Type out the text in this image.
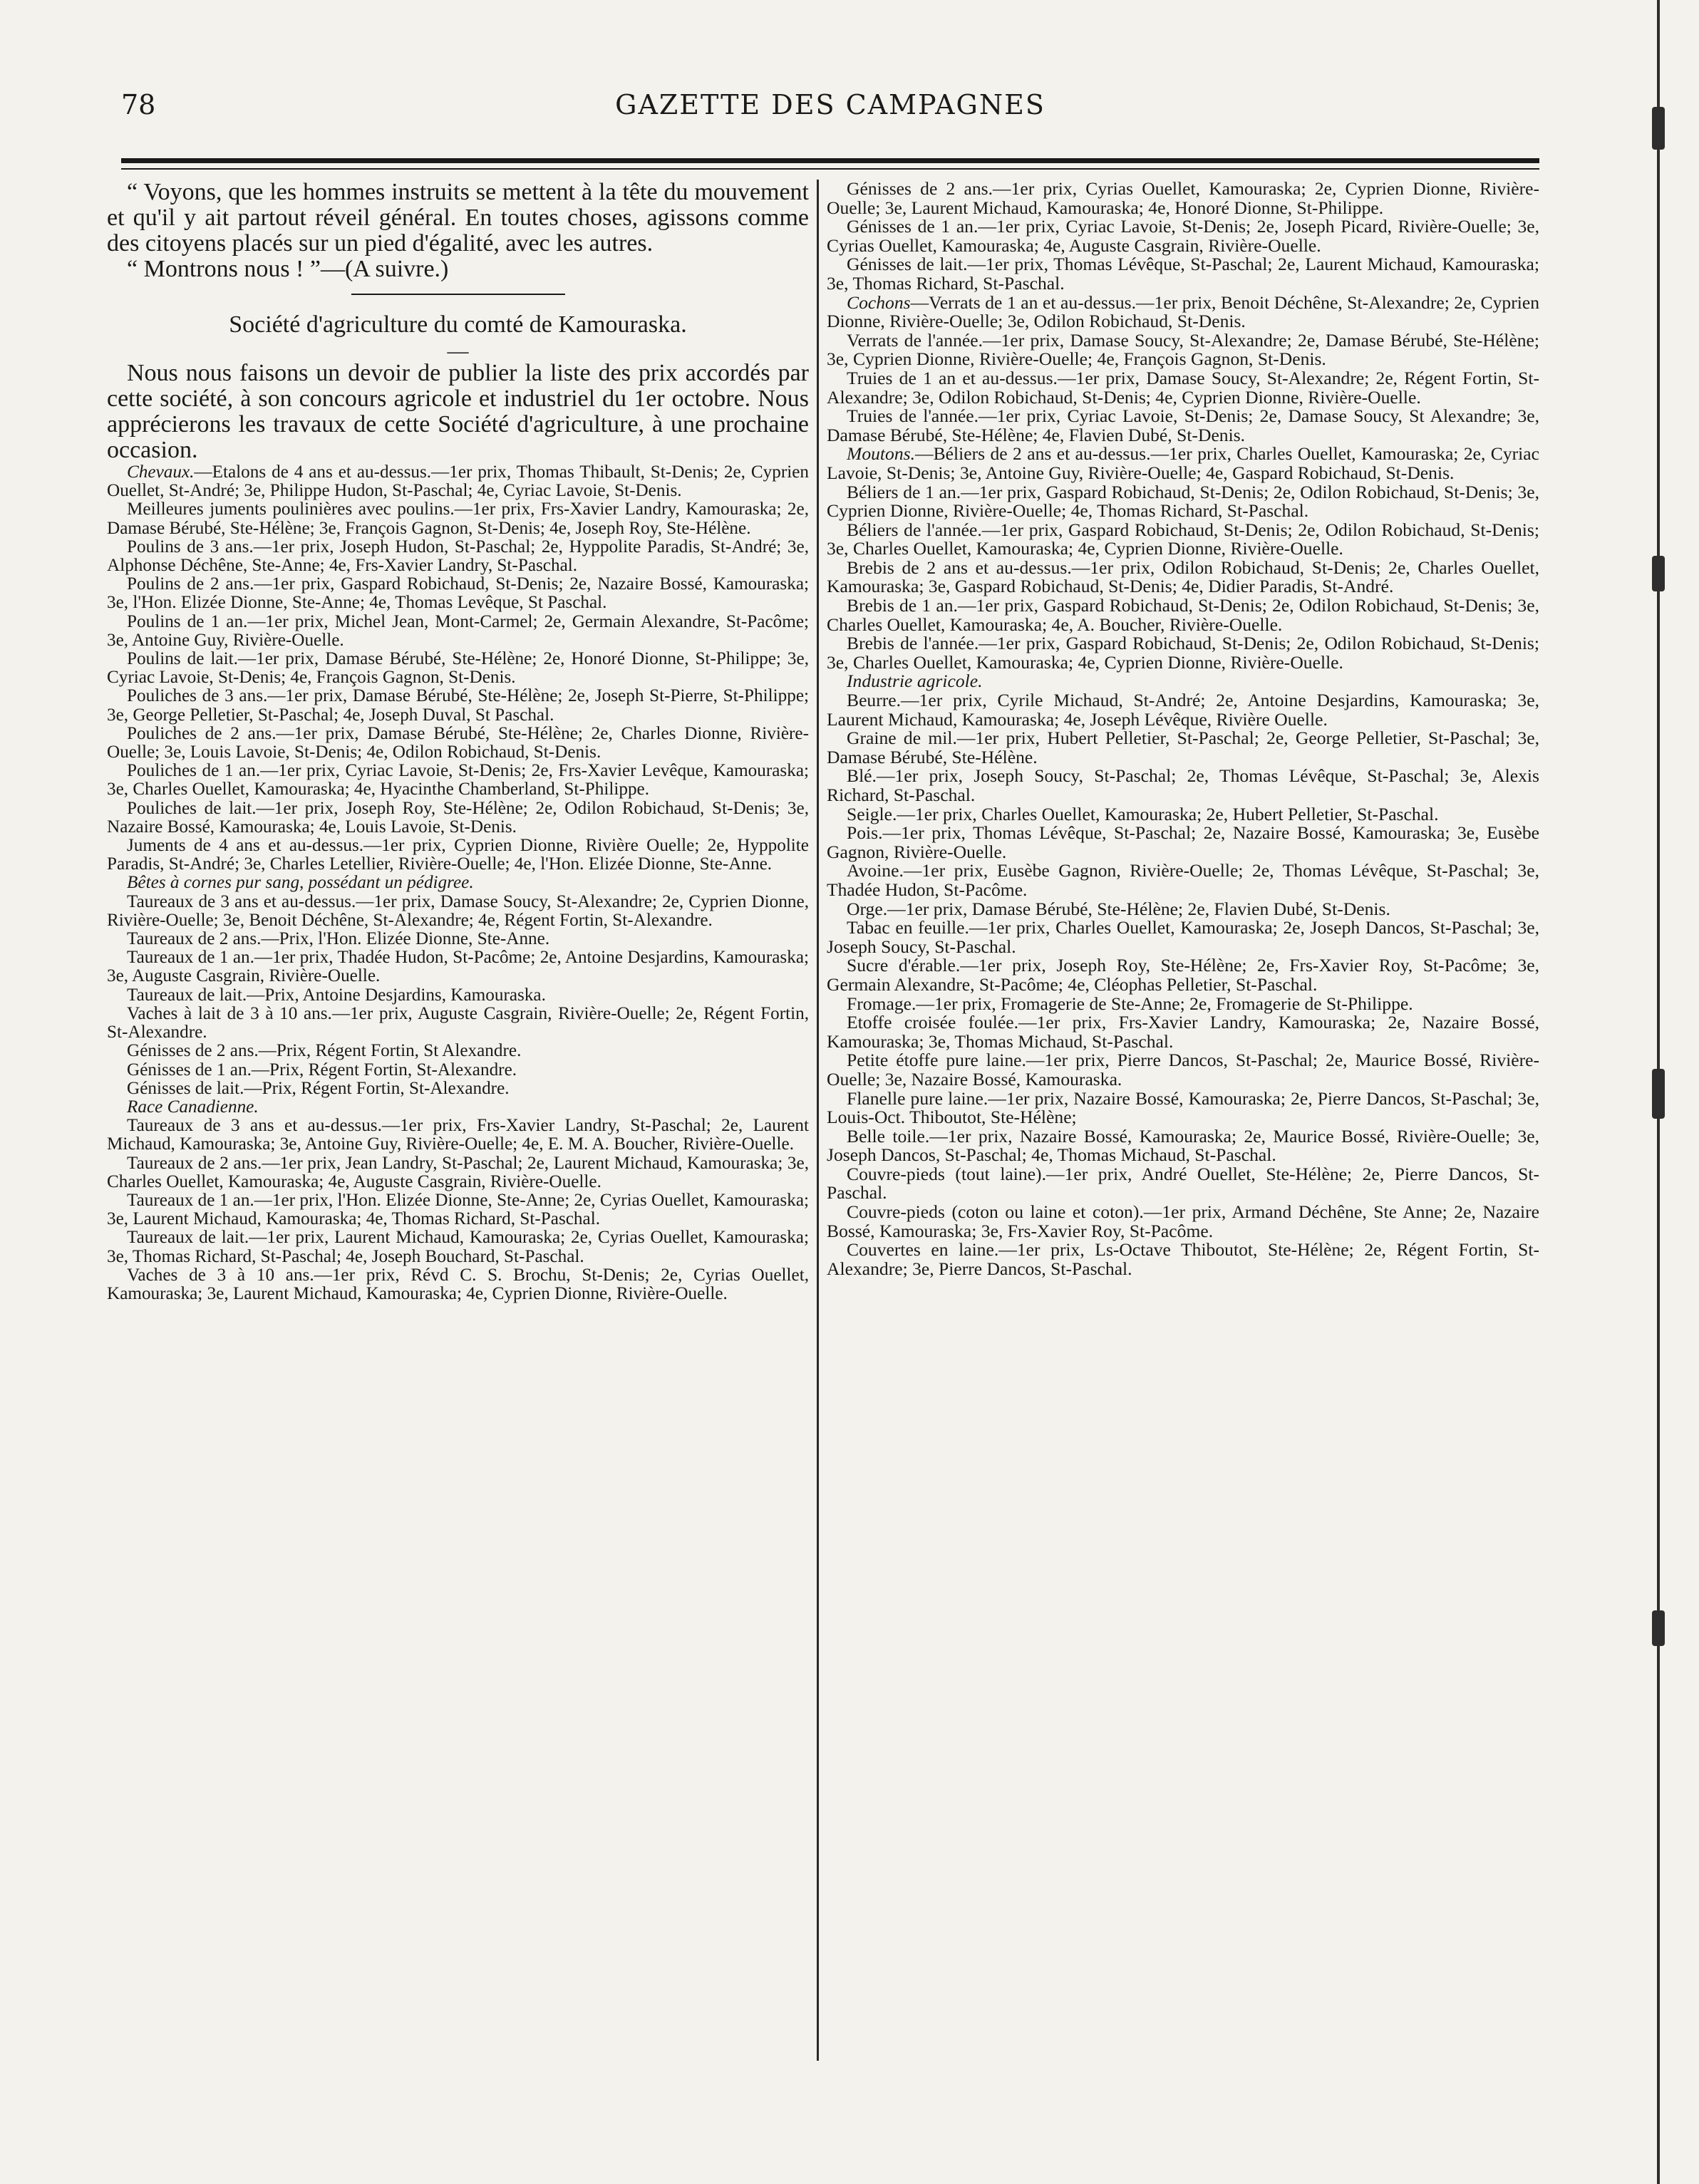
78	GAZETTE DES CAMPAGNES

“ Voyons, que les hommes instruits se mettent à la tête du mouvement et qu'il y ait partout réveil général. En toutes choses, agissons comme des citoyens placés sur un pied d'égalité, avec les autres.

“ Montrons nous ! ”—(A suivre.)

Société d'agriculture du comté de Kamouraska.
—

Nous nous faisons un devoir de publier la liste des prix accordés par cette société, à son concours agricole et industriel du 1er octobre. Nous apprécierons les travaux de cette Société d'agriculture, à une prochaine occasion.

Chevaux.—Etalons de 4 ans et au-dessus.—1er prix, Thomas Thibault, St-Denis; 2e, Cyprien Ouellet, St-André; 3e, Philippe Hudon, St-Paschal; 4e, Cyriac Lavoie, St-Denis.

Meilleures juments poulinières avec poulins.—1er prix, Frs-Xavier Landry, Kamouraska; 2e, Damase Bérubé, Ste-Hélène; 3e, François Gagnon, St-Denis; 4e, Joseph Roy, Ste-Hélène.

Poulins de 3 ans.—1er prix, Joseph Hudon, St-Paschal; 2e, Hyppolite Paradis, St-André; 3e, Alphonse Déchêne, Ste-Anne; 4e, Frs-Xavier Landry, St-Paschal.

Poulins de 2 ans.—1er prix, Gaspard Robichaud, St-Denis; 2e, Nazaire Bossé, Kamouraska; 3e, l'Hon. Elizée Dionne, Ste-Anne; 4e, Thomas Levêque, St Paschal.

Poulins de 1 an.—1er prix, Michel Jean, Mont-Carmel; 2e, Germain Alexandre, St-Pacôme; 3e, Antoine Guy, Rivière-Ouelle.

Poulins de lait.—1er prix, Damase Bérubé, Ste-Hélène; 2e, Honoré Dionne, St-Philippe; 3e, Cyriac Lavoie, St-Denis; 4e, François Gagnon, St-Denis.

Pouliches de 3 ans.—1er prix, Damase Bérubé, Ste-Hélène; 2e, Joseph St-Pierre, St-Philippe; 3e, George Pelletier, St-Paschal; 4e, Joseph Duval, St Paschal.

Pouliches de 2 ans.—1er prix, Damase Bérubé, Ste-Hélène; 2e, Charles Dionne, Rivière-Ouelle; 3e, Louis Lavoie, St-Denis; 4e, Odilon Robichaud, St-Denis.

Pouliches de 1 an.—1er prix, Cyriac Lavoie, St-Denis; 2e, Frs-Xavier Levêque, Kamouraska; 3e, Charles Ouellet, Kamouraska; 4e, Hyacinthe Chamberland, St-Philippe.

Pouliches de lait.—1er prix, Joseph Roy, Ste-Hélène; 2e, Odilon Robichaud, St-Denis; 3e, Nazaire Bossé, Kamouraska; 4e, Louis Lavoie, St-Denis.

Juments de 4 ans et au-dessus.—1er prix, Cyprien Dionne, Rivière Ouelle; 2e, Hyppolite Paradis, St-André; 3e, Charles Letellier, Rivière-Ouelle; 4e, l'Hon. Elizée Dionne, Ste-Anne.

Bêtes à cornes pur sang, possédant un pédigree.

Taureaux de 3 ans et au-dessus.—1er prix, Damase Soucy, St-Alexandre; 2e, Cyprien Dionne, Rivière-Ouelle; 3e, Benoit Déchêne, St-Alexandre; 4e, Régent Fortin, St-Alexandre.

Taureaux de 2 ans.—Prix, l'Hon. Elizée Dionne, Ste-Anne.

Taureaux de 1 an.—1er prix, Thadée Hudon, St-Pacôme; 2e, Antoine Desjardins, Kamouraska; 3e, Auguste Casgrain, Rivière-Ouelle.

Taureaux de lait.—Prix, Antoine Desjardins, Kamouraska.

Vaches à lait de 3 à 10 ans.—1er prix, Auguste Casgrain, Rivière-Ouelle; 2e, Régent Fortin, St-Alexandre.

Génisses de 2 ans.—Prix, Régent Fortin, St Alexandre.

Génisses de 1 an.—Prix, Régent Fortin, St-Alexandre.

Génisses de lait.—Prix, Régent Fortin, St-Alexandre.

Race Canadienne.

Taureaux de 3 ans et au-dessus.—1er prix, Frs-Xavier Landry, St-Paschal; 2e, Laurent Michaud, Kamouraska; 3e, Antoine Guy, Rivière-Ouelle; 4e, E. M. A. Boucher, Rivière-Ouelle.

Taureaux de 2 ans.—1er prix, Jean Landry, St-Paschal; 2e, Laurent Michaud, Kamouraska; 3e, Charles Ouellet, Kamouraska; 4e, Auguste Casgrain, Rivière-Ouelle.

Taureaux de 1 an.—1er prix, l'Hon. Elizée Dionne, Ste-Anne; 2e, Cyrias Ouellet, Kamouraska; 3e, Laurent Michaud, Kamouraska; 4e, Thomas Richard, St-Paschal.

Taureaux de lait.—1er prix, Laurent Michaud, Kamouraska; 2e, Cyrias Ouellet, Kamouraska; 3e, Thomas Richard, St-Paschal; 4e, Joseph Bouchard, St-Paschal.

Vaches de 3 à 10 ans.—1er prix, Révd C. S. Brochu, St-Denis; 2e, Cyrias Ouellet, Kamouraska; 3e, Laurent Michaud, Kamouraska; 4e, Cyprien Dionne, Rivière-Ouelle.

Génisses de 2 ans.—1er prix, Cyrias Ouellet, Kamouraska; 2e, Cyprien Dionne, Rivière-Ouelle; 3e, Laurent Michaud, Kamouraska; 4e, Honoré Dionne, St-Philippe.

Génisses de 1 an.—1er prix, Cyriac Lavoie, St-Denis; 2e, Joseph Picard, Rivière-Ouelle; 3e, Cyrias Ouellet, Kamouraska; 4e, Auguste Casgrain, Rivière-Ouelle.

Génisses de lait.—1er prix, Thomas Lévêque, St-Paschal; 2e, Laurent Michaud, Kamouraska; 3e, Thomas Richard, St-Paschal.

Cochons—Verrats de 1 an et au-dessus.—1er prix, Benoit Déchêne, St-Alexandre; 2e, Cyprien Dionne, Rivière-Ouelle; 3e, Odilon Robichaud, St-Denis.

Verrats de l'année.—1er prix, Damase Soucy, St-Alexandre; 2e, Damase Bérubé, Ste-Hélène; 3e, Cyprien Dionne, Rivière-Ouelle; 4e, François Gagnon, St-Denis.

Truies de 1 an et au-dessus.—1er prix, Damase Soucy, St-Alexandre; 2e, Régent Fortin, St-Alexandre; 3e, Odilon Robichaud, St-Denis; 4e, Cyprien Dionne, Rivière-Ouelle.

Truies de l'année.—1er prix, Cyriac Lavoie, St-Denis; 2e, Damase Soucy, St Alexandre; 3e, Damase Bérubé, Ste-Hélène; 4e, Flavien Dubé, St-Denis.

Moutons.—Béliers de 2 ans et au-dessus.—1er prix, Charles Ouellet, Kamouraska; 2e, Cyriac Lavoie, St-Denis; 3e, Antoine Guy, Rivière-Ouelle; 4e, Gaspard Robichaud, St-Denis.

Béliers de 1 an.—1er prix, Gaspard Robichaud, St-Denis; 2e, Odilon Robichaud, St-Denis; 3e, Cyprien Dionne, Rivière-Ouelle; 4e, Thomas Richard, St-Paschal.

Béliers de l'année.—1er prix, Gaspard Robichaud, St-Denis; 2e, Odilon Robichaud, St-Denis; 3e, Charles Ouellet, Kamouraska; 4e, Cyprien Dionne, Rivière-Ouelle.

Brebis de 2 ans et au-dessus.—1er prix, Odilon Robichaud, St-Denis; 2e, Charles Ouellet, Kamouraska; 3e, Gaspard Robichaud, St-Denis; 4e, Didier Paradis, St-André.

Brebis de 1 an.—1er prix, Gaspard Robichaud, St-Denis; 2e, Odilon Robichaud, St-Denis; 3e, Charles Ouellet, Kamouraska; 4e, A. Boucher, Rivière-Ouelle.

Brebis de l'année.—1er prix, Gaspard Robichaud, St-Denis; 2e, Odilon Robichaud, St-Denis; 3e, Charles Ouellet, Kamouraska; 4e, Cyprien Dionne, Rivière-Ouelle.

Industrie agricole.

Beurre.—1er prix, Cyrile Michaud, St-André; 2e, Antoine Desjardins, Kamouraska; 3e, Laurent Michaud, Kamouraska; 4e, Joseph Lévêque, Rivière Ouelle.

Graine de mil.—1er prix, Hubert Pelletier, St-Paschal; 2e, George Pelletier, St-Paschal; 3e, Damase Bérubé, Ste-Hélène.

Blé.—1er prix, Joseph Soucy, St-Paschal; 2e, Thomas Lévêque, St-Paschal; 3e, Alexis Richard, St-Paschal.

Seigle.—1er prix, Charles Ouellet, Kamouraska; 2e, Hubert Pelletier, St-Paschal.

Pois.—1er prix, Thomas Lévêque, St-Paschal; 2e, Nazaire Bossé, Kamouraska; 3e, Eusèbe Gagnon, Rivière-Ouelle.

Avoine.—1er prix, Eusèbe Gagnon, Rivière-Ouelle; 2e, Thomas Lévêque, St-Paschal; 3e, Thadée Hudon, St-Pacôme.

Orge.—1er prix, Damase Bérubé, Ste-Hélène; 2e, Flavien Dubé, St-Denis.

Tabac en feuille.—1er prix, Charles Ouellet, Kamouraska; 2e, Joseph Dancos, St-Paschal; 3e, Joseph Soucy, St-Paschal.

Sucre d'érable.—1er prix, Joseph Roy, Ste-Hélène; 2e, Frs-Xavier Roy, St-Pacôme; 3e, Germain Alexandre, St-Pacôme; 4e, Cléophas Pelletier, St-Paschal.

Fromage.—1er prix, Fromagerie de Ste-Anne; 2e, Fromagerie de St-Philippe.

Etoffe croisée foulée.—1er prix, Frs-Xavier Landry, Kamouraska; 2e, Nazaire Bossé, Kamouraska; 3e, Thomas Michaud, St-Paschal.

Petite étoffe pure laine.—1er prix, Pierre Dancos, St-Paschal; 2e, Maurice Bossé, Rivière-Ouelle; 3e, Nazaire Bossé, Kamouraska.

Flanelle pure laine.—1er prix, Nazaire Bossé, Kamouraska; 2e, Pierre Dancos, St-Paschal; 3e, Louis-Oct. Thiboutot, Ste-Hélène;

Belle toile.—1er prix, Nazaire Bossé, Kamouraska; 2e, Maurice Bossé, Rivière-Ouelle; 3e, Joseph Dancos, St-Paschal; 4e, Thomas Michaud, St-Paschal.

Couvre-pieds (tout laine).—1er prix, André Ouellet, Ste-Hélène; 2e, Pierre Dancos, St-Paschal.

Couvre-pieds (coton ou laine et coton).—1er prix, Armand Déchêne, Ste Anne; 2e, Nazaire Bossé, Kamouraska; 3e, Frs-Xavier Roy, St-Pacôme.

Couvertes en laine.—1er prix, Ls-Octave Thiboutot, Ste-Hélène; 2e, Régent Fortin, St-Alexandre; 3e, Pierre Dancos, St-Paschal.
